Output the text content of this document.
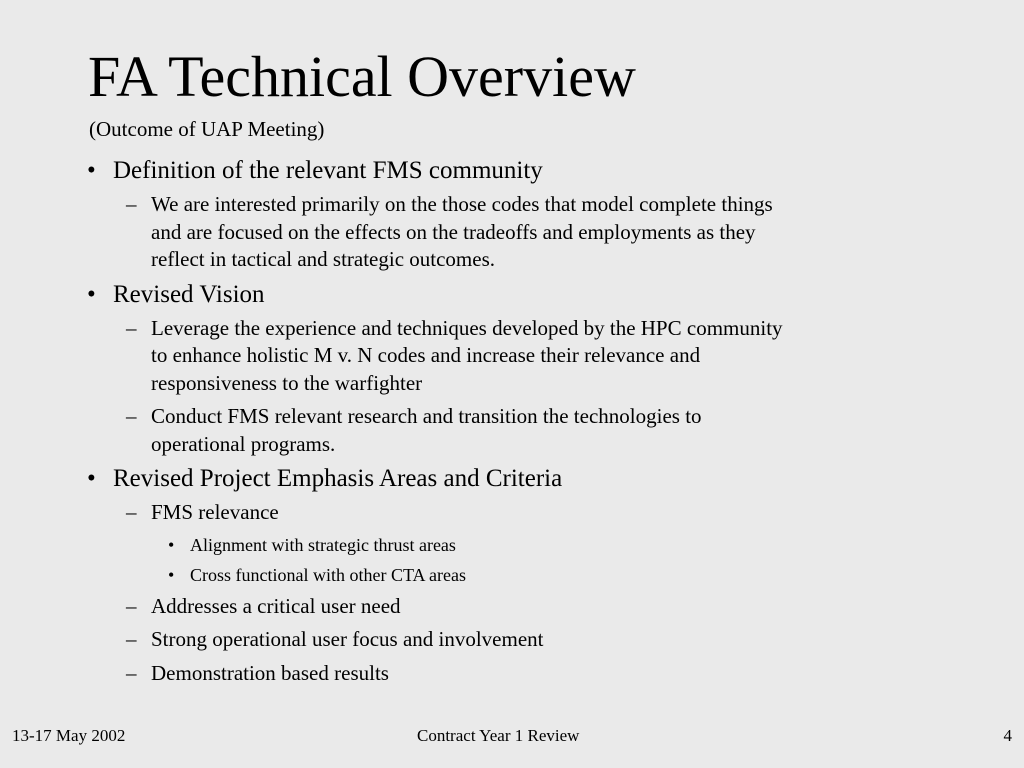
FA Technical Overview
(Outcome of UAP Meeting)
• Definition of the relevant FMS community
– We are interested primarily on the those codes that model complete things
and are focused on the effects on the tradeoffs and employments as they
reflect in tactical and strategic outcomes.
• Revised Vision
– Leverage the experience and techniques developed by the HPC community
to enhance holistic M v. N codes and increase their relevance and
responsiveness to the warfighter
– Conduct FMS relevant research and transition the technologies to
operational programs.
• Revised Project Emphasis Areas and Criteria
– FMS relevance
• Alignment with strategic thrust areas
• Cross functional with other CTA areas
– Addresses a critical user need
– Strong operational user focus and involvement
– Demonstration based results
13-17 May 2002	Contract Year 1 Review	4
